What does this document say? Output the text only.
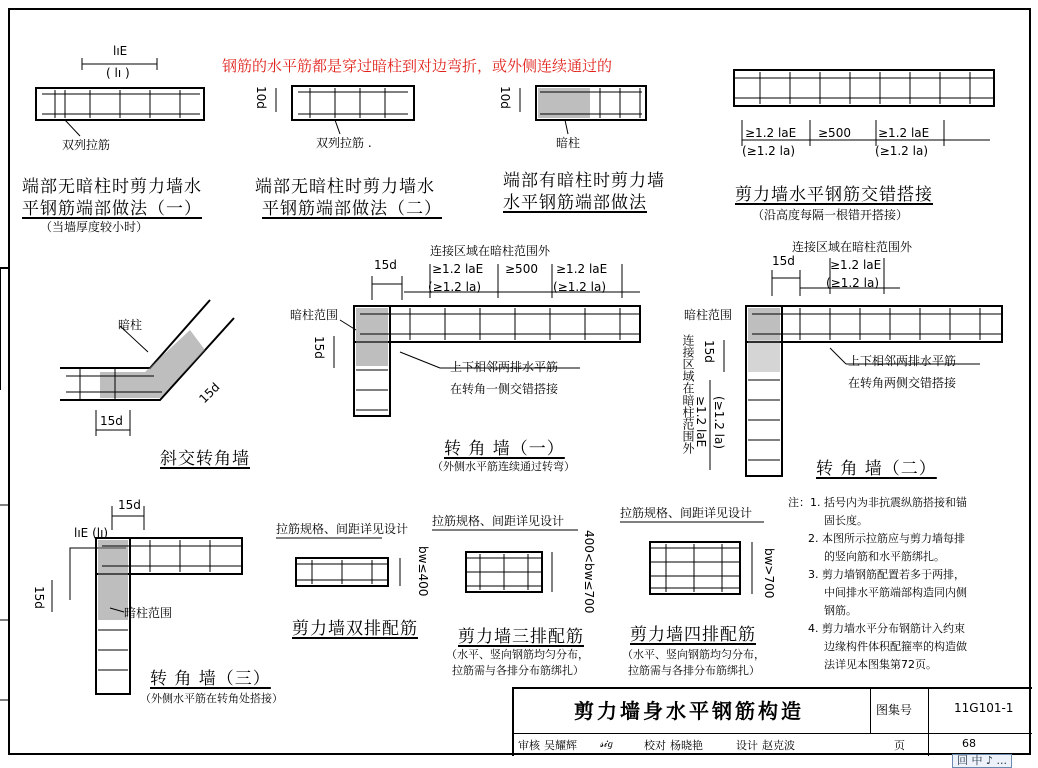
钢筋的水平筋都是穿过暗柱到对边弯折，或外侧连续通过的
lıE
( lı )
双列拉筋
端部无暗柱时剪力墙水
平钢筋端部做法（一）
（当墙厚度较小时）
10d
双列拉筋 .
端部无暗柱时剪力墙水
平钢筋端部做法（二）
10d
暗柱
端部有暗柱时剪力墙
水平钢筋端部做法
≥1.2 laE
(≥1.2 la)
≥500 ≥1.2 laE
(≥1.2 la)
剪力墙水平钢筋交错搭接
（沿高度每隔一根错开搭接）
暗柱
15d
15d
斜交转角墙
连接区域在暗柱范围外
15d	≥1.2 laE
(≥1.2 la)
≥500 ≥1.2 laE
(≥1.2 la)
暗柱范围
15d
上下相邻两排水平筋
在转角一侧交错搭接
转 角 墙（一）
（外侧水平筋连续通过转弯）
连接区域在暗柱范围外
15d	≥1.2 laE
(≥1.2 la)
暗柱范围
15d
连接区域在暗柱范围外 ≥1.2 laE (≥1.2 la)
上下相邻两排水平筋
在转角两侧交错搭接
转 角 墙（二）
15d
lıE (lı)
15d
暗柱范围
转 角 墙（三）
（外侧水平筋在转角处搭接）
拉筋规格、间距详见设计
bw≤400
剪力墙双排配筋
拉筋规格、间距详见设计
400<bw≤700
剪力墙三排配筋
（水平、竖向钢筋均匀分布，
拉筋需与各排分布筋绑扎）
拉筋规格、间距详见设计
bw>700
剪力墙四排配筋
（水平、竖向钢筋均匀分布，
拉筋需与各排分布筋绑扎）
注：1. 括号内为非抗震纵筋搭接和锚
固长度。
2. 本图所示拉筋应与剪力墙每排
的竖向筋和水平筋绑扎。
3. 剪力墙钢筋配置若多于两排，
中间排水平筋端部构造同内侧
钢筋。
4. 剪力墙水平分布钢筋计入约束
边缘构件体积配箍率的构造做
法详见本图集第72页。
剪力墙身水平钢筋构造	图集号	11G101-1
审核 吴耀辉 𝓈𝒾𝑔	校对 杨晓艳	设计 赵克波	页	68
回 中 ♪ ...
